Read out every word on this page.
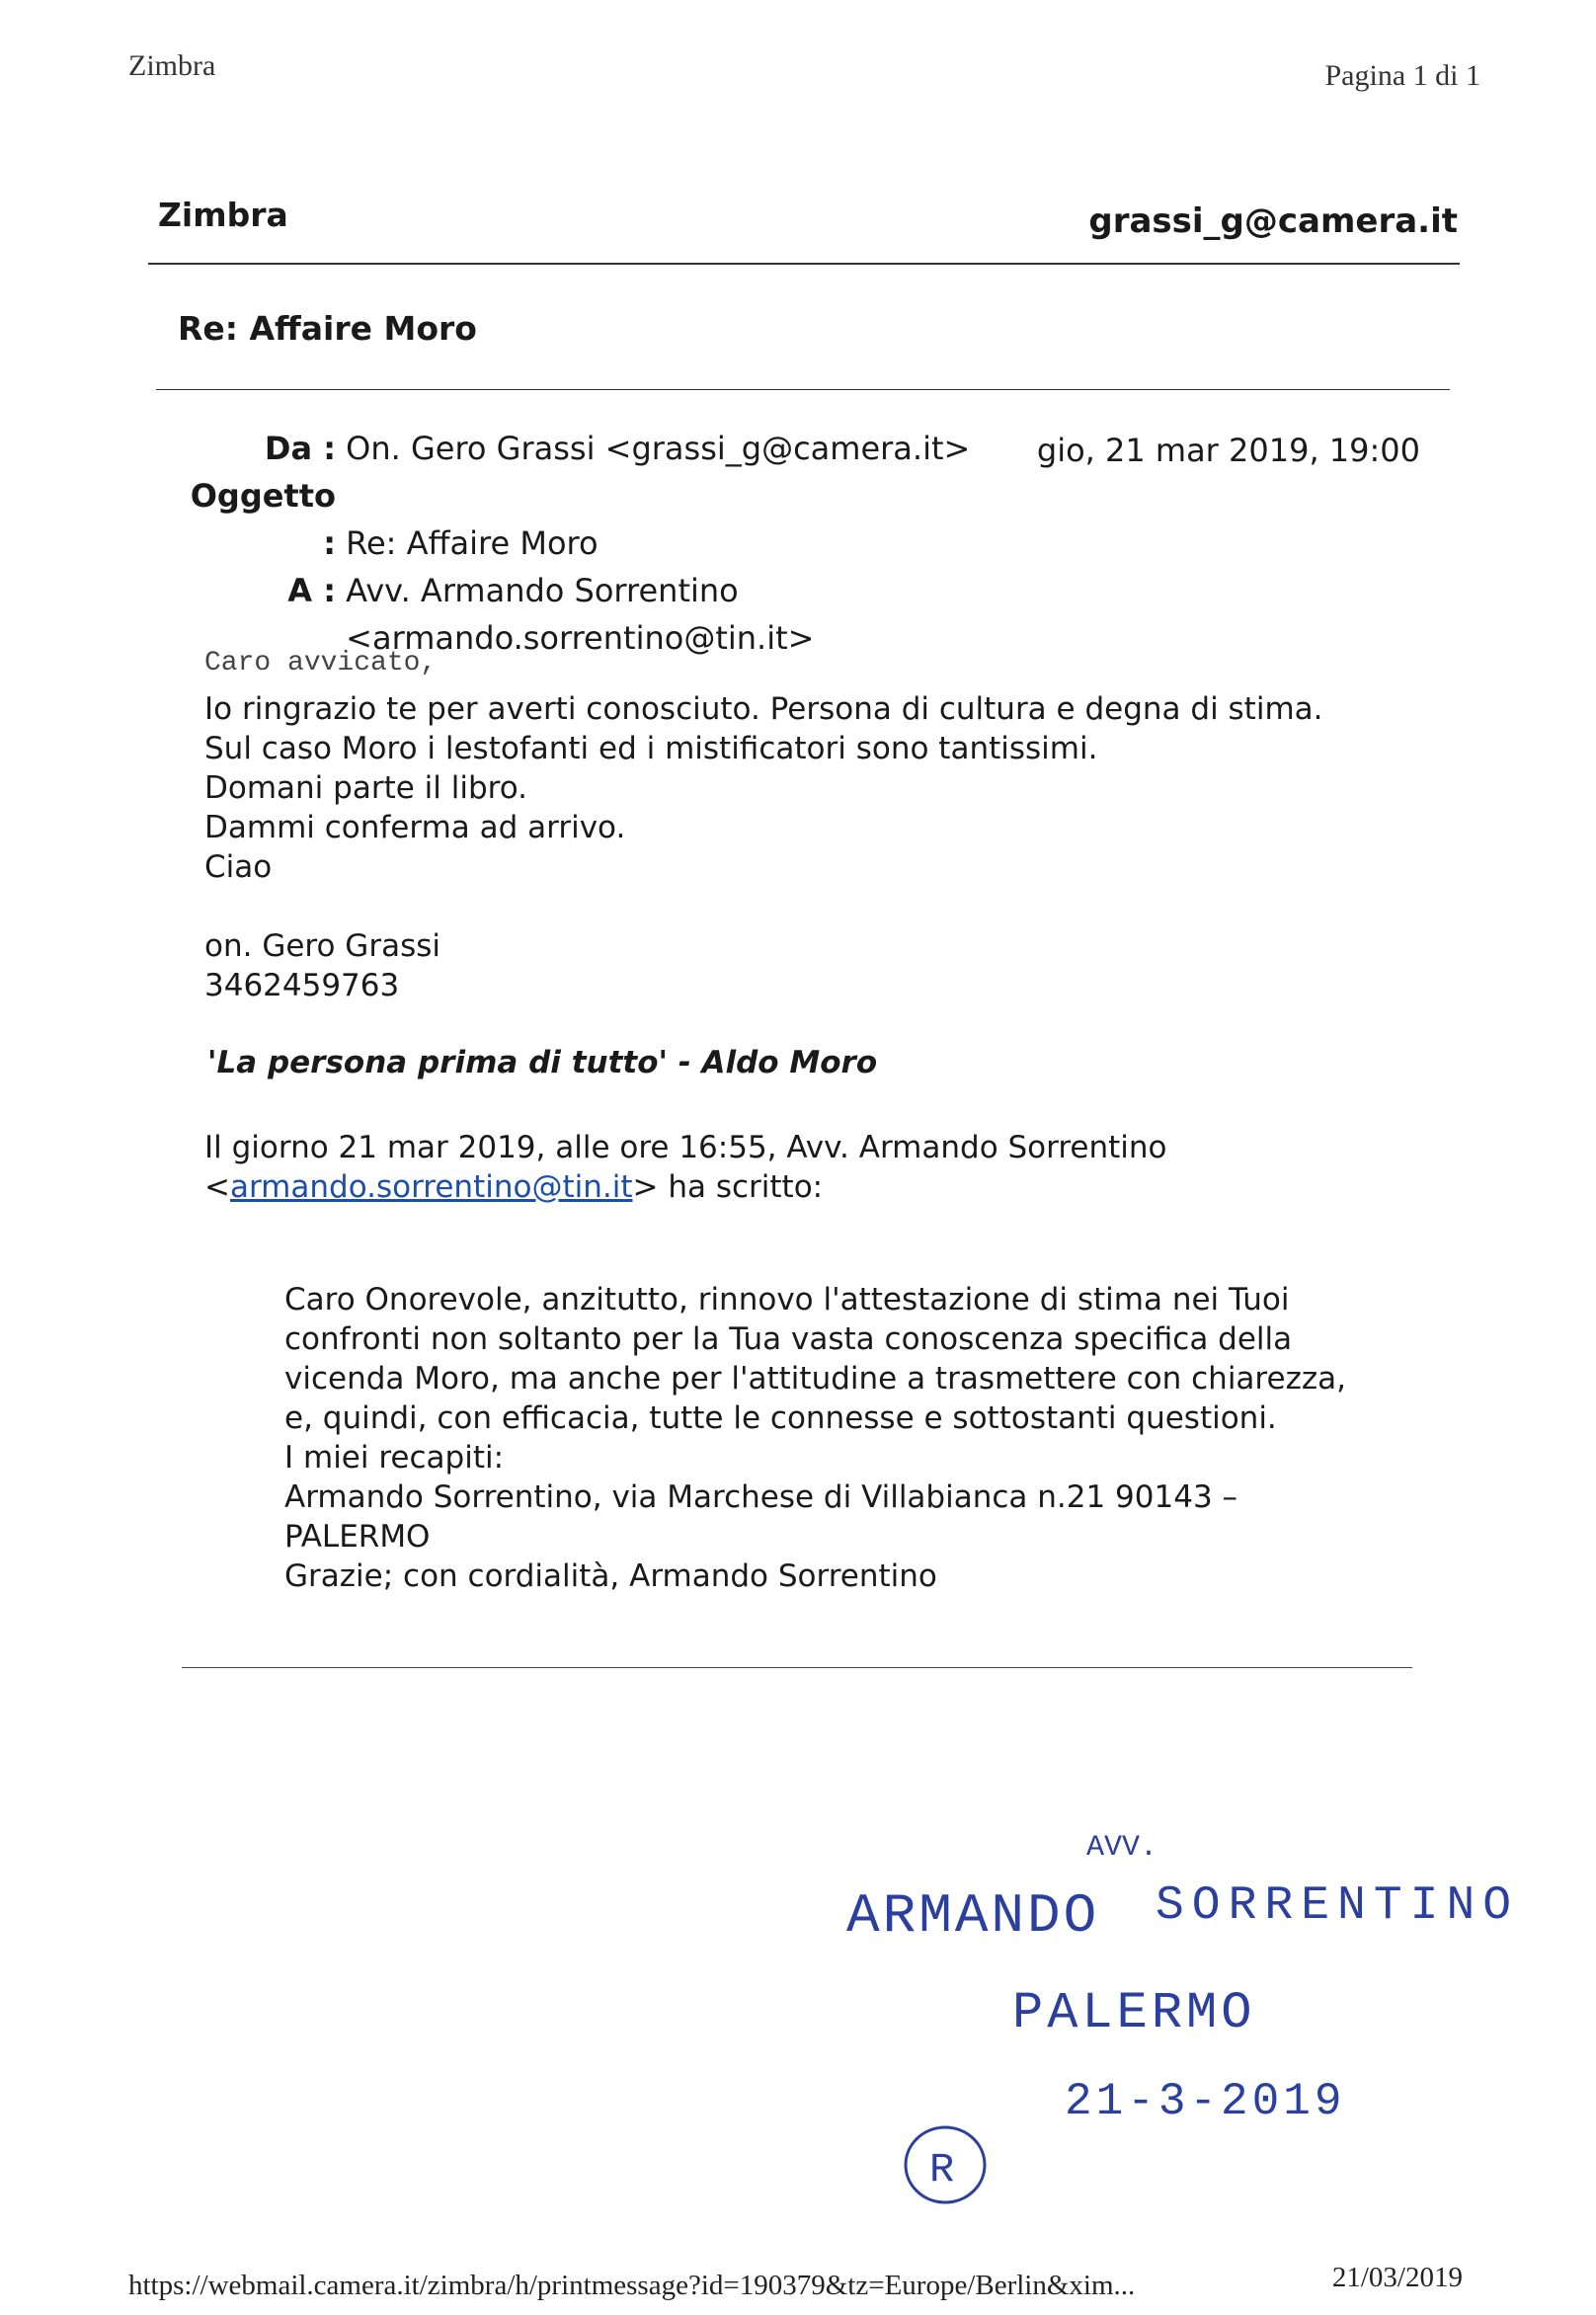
Zimbra	Pagina 1 di 1
Zimbra	grassi_g@camera.it
Re: Affaire Moro
Da : On. Gero Grassi <grassi_g@camera.it>
Oggetto : Re: Affaire Moro
A : Avv. Armando Sorrentino
<armando.sorrentino@tin.it>
gio, 21 mar 2019, 19:00
Caro avvicato,
Io ringrazio te per averti conosciuto. Persona di cultura e degna di stima.
Sul caso Moro i lestofanti ed i mistificatori sono tantissimi.
Domani parte il libro.
Dammi conferma ad arrivo.
Ciao
on. Gero Grassi
3462459763
'La persona prima di tutto' - Aldo Moro
Il giorno 21 mar 2019, alle ore 16:55, Avv. Armando Sorrentino
<armando.sorrentino@tin.it> ha scritto:
Caro Onorevole, anzitutto, rinnovo l'attestazione di stima nei Tuoi
confronti non soltanto per la Tua vasta conoscenza specifica della
vicenda Moro, ma anche per l'attitudine a trasmettere con chiarezza,
e, quindi, con efficacia, tutte le connesse e sottostanti questioni.
I miei recapiti:
Armando Sorrentino, via Marchese di Villabianca n.21 90143 –
PALERMO
Grazie; con cordialità, Armando Sorrentino
ARMANDO
AVV.
SORRENTINO
PALERMO
21-3-2019
R
https://webmail.camera.it/zimbra/h/printmessage?id=190379&tz=Europe/Berlin&xim...	21/03/2019
